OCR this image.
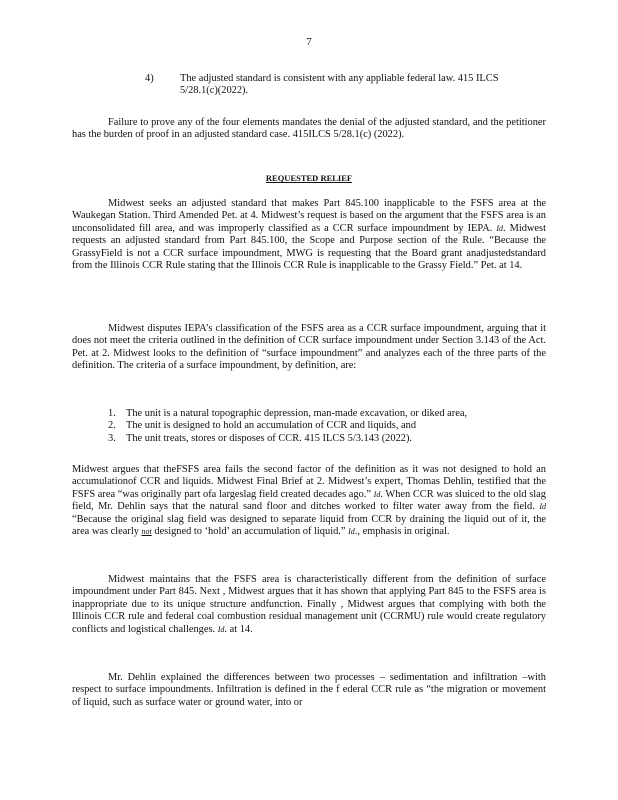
7
4)	The adjusted standard is consistent with any appliable federal law. 415 ILCS 5/28.1(c)(2022).

Failure to prove any of the four elements mandates the denial of the adjusted standard, and the petitioner has the burden of proof in an adjusted standard case. 415ILCS 5/28.1(c) (2022).

REQUESTED RELIEF

Midwest seeks an adjusted standard that makes Part 845.100 inapplicable to the FSFS area at the Waukegan Station. Third Amended Pet. at 4. Midwest’s request is based on the argument that the FSFS area is an unconsolidated fill area, and was improperly classified as a CCR surface impoundment by IEPA. Id. Midwest requests an adjusted standard from Part 845.100, the Scope and Purpose section of the Rule. “Because the GrassyField is not a CCR surface impoundment, MWG is requesting that the Board grant anadjustedstandard from the Illinois CCR Rule stating that the Illinois CCR Rule is inapplicable to the Grassy Field.” Pet. at 14.

Midwest disputes IEPA’s classification of the FSFS area as a CCR surface impoundment, arguing that it does not meet the criteria outlined in the definition of CCR surface impoundment under Section 3.143 of the Act. Pet. at 2. Midwest looks to the definition of “surface impoundment” and analyzes each of the three parts of the definition. The criteria of a surface impoundment, by definition, are:

1. The unit is a natural topographic depression, man-made excavation, or diked area,
2. The unit is designed to hold an accumulation of CCR and liquids, and
3. The unit treats, stores or disposes of CCR. 415 ILCS 5/3.143 (2022).

Midwest argues that theFSFS area fails the second factor of the definition as it was not designed to hold an accumulationof CCR and liquids. Midwest Final Brief at 2. Midwest’s expert, Thomas Dehlin, testified that the FSFS area “was originally part ofa largeslag field created decades ago.” Id. When CCR was sluiced to the old slag field, Mr. Dehlin says that the natural sand floor and ditches worked to filter water away from the field. Id “Because the original slag field was designed to separate liquid from CCR by draining the liquid out of it, the area was clearly not designed to ‘hold’ an accumulation of liquid.” Id., emphasis in original.

Midwest maintains that the FSFS area is characteristically different from the definition of surface impoundment under Part 845. Next , Midwest argues that it has shown that applying Part 845 to the FSFS area is inappropriate due to its unique structure andfunction. Finally , Midwest argues that complying with both the Illinois CCR rule and federal coal combustion residual management unit (CCRMU) rule would create regulatory conflicts and logistical challenges. Id. at 14.

Mr. Dehlin explained the differences between two processes – sedimentation and infiltration –with respect to surface impoundments. Infiltration is defined in the f ederal CCR rule as “the migration or movement of liquid, such as surface water or ground water, into or
